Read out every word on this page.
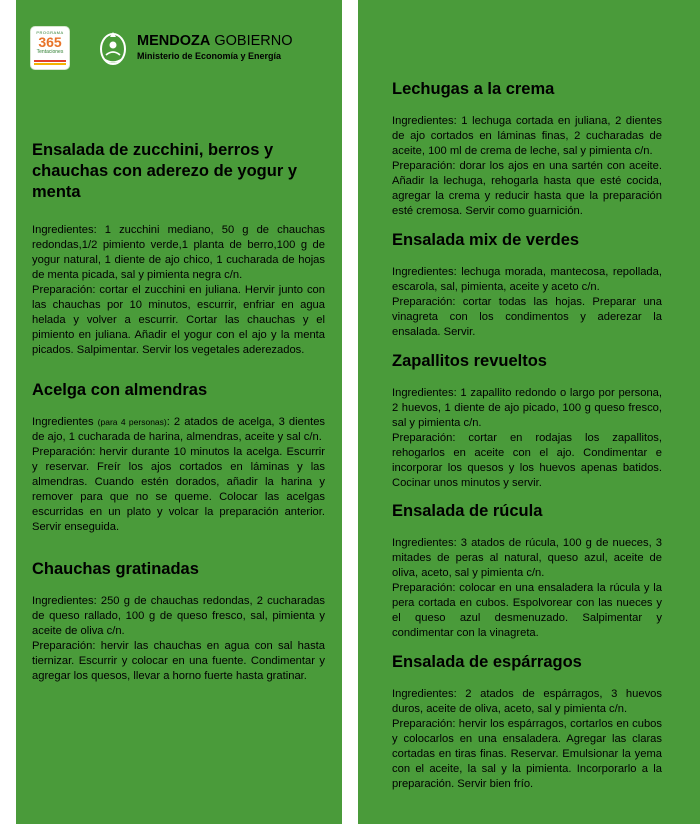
PROGRAMA
365
Tentaciones
MENDOZA GOBIERNO
Ministerio de Economía y Energía
Ensalada de zucchini, berros y chauchas con aderezo de yogur y menta

Ingredientes: 1 zucchini mediano, 50 g de chauchas redondas,1/2 pimiento verde,1 planta de berro,100 g de yogur natural, 1 diente de ajo chico, 1 cucharada de hojas de menta picada, sal y pimienta negra c/n.

Preparación: cortar el zucchini en juliana. Hervir junto con las chauchas por 10 minutos, escurrir, enfriar en agua helada y volver a escurrir. Cortar las chauchas y el pimiento en juliana. Añadir el yogur con el ajo y la menta picados. Salpimentar. Servir los vegetales aderezados.

Acelga con almendras

Ingredientes (para 4 personas): 2 atados de acelga, 3 dientes de ajo, 1 cucharada de harina, almendras, aceite y sal c/n.

Preparación: hervir durante 10 minutos la acelga. Escurrir y reservar. Freír los ajos cortados en láminas y las almendras. Cuando estén dorados, añadir la harina y remover para que no se queme. Colocar las acelgas escurridas en un plato y volcar la preparación anterior. Servir enseguida.

Chauchas gratinadas

Ingredientes: 250 g de chauchas redondas, 2 cucharadas de queso rallado, 100 g de queso fresco, sal, pimienta y aceite de oliva c/n.

Preparación: hervir las chauchas en agua con sal hasta tiernizar. Escurrir y colocar en una fuente. Condimentar y agregar los quesos, llevar a horno fuerte hasta gratinar.

Lechugas a la crema

Ingredientes: 1 lechuga cortada en juliana, 2 dientes de ajo cortados en láminas finas, 2 cucharadas de aceite, 100 ml de crema de leche, sal y pimienta c/n.

Preparación: dorar los ajos en una sartén con aceite. Añadir la lechuga, rehogarla hasta que esté cocida, agregar la crema y reducir hasta que la preparación esté cremosa. Servir como guarnición.

Ensalada mix de verdes

Ingredientes: lechuga morada, mantecosa, repollada, escarola, sal, pimienta, aceite y aceto c/n.

Preparación: cortar todas las hojas. Preparar una vinagreta con los condimentos y aderezar la ensalada. Servir.

Zapallitos revueltos

Ingredientes: 1 zapallito redondo o largo por persona, 2 huevos, 1 diente de ajo picado, 100 g queso fresco, sal y pimienta c/n.

Preparación: cortar en rodajas los zapallitos, rehogarlos en aceite con el ajo. Condimentar e incorporar los quesos y los huevos apenas batidos. Cocinar unos minutos y servir.

Ensalada de rúcula

Ingredientes: 3 atados de rúcula, 100 g de nueces, 3 mitades de peras al natural, queso azul, aceite de oliva, aceto, sal y pimienta c/n.

Preparación: colocar en una ensaladera la rúcula y la pera cortada en cubos. Espolvorear con las nueces y el queso azul desmenuzado. Salpimentar y condimentar con la vinagreta.

Ensalada de espárragos

Ingredientes: 2 atados de espárragos, 3 huevos duros, aceite de oliva, aceto, sal y pimienta c/n.

Preparación: hervir los espárragos, cortarlos en cubos y colocarlos en una ensaladera. Agregar las claras cortadas en tiras finas. Reservar. Emulsionar la yema con el aceite, la sal y la pimienta. Incorporarlo a la preparación. Servir bien frío.
